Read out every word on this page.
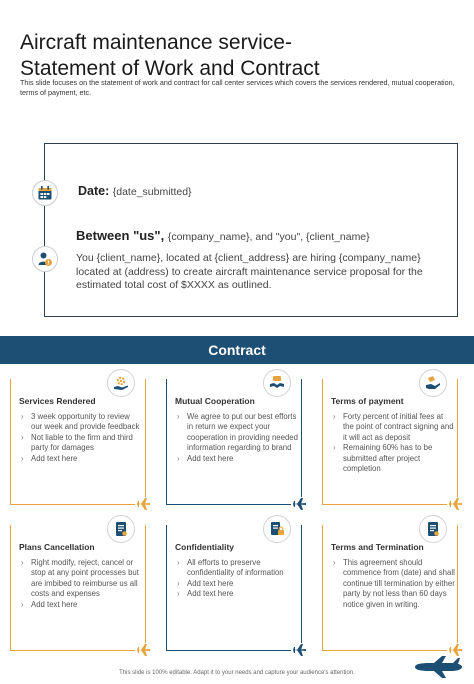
Aircraft maintenance service-
Statement of Work and Contract
This slide focuses on the statement of work and contract for call center services which covers the services rendered, mutual cooperation, terms of payment, etc.
Date: {date_submitted}
Between "us", {company_name}, and "you", {client_name}
You {client_name}, located at {client_address} are hiring {company_name} located at (address) to create aircraft maintenance service proposal for the estimated total cost of $XXXX as outlined.
Contract
Services Rendered
› 3 week opportunity to review our week and provide feedback
› Not liable to the firm and third party for damages
› Add text here
Mutual Cooperation
› We agree to put our best efforts in return we expect your cooperation in providing needed information regarding to brand
› Add text here
Terms of payment
› Forty percent of initial fees at the point of contract signing and it will act as deposit
› Remaining 60% has to be submitted after project completion
Plans Cancellation
› Right modify, reject, cancel or stop at any point processes but are imbibed to reimburse us all costs and expenses
› Add text here
Confidentiality
› All efforts to preserve confidentiality of information
› Add text here
› Add text here
Terms and Termination
› This agreement should commence from (date) and shall continue till termination by either party by not less than 60 days notice given in writing.
This slide is 100% editable. Adapt it to your needs and capture your audience's attention.
